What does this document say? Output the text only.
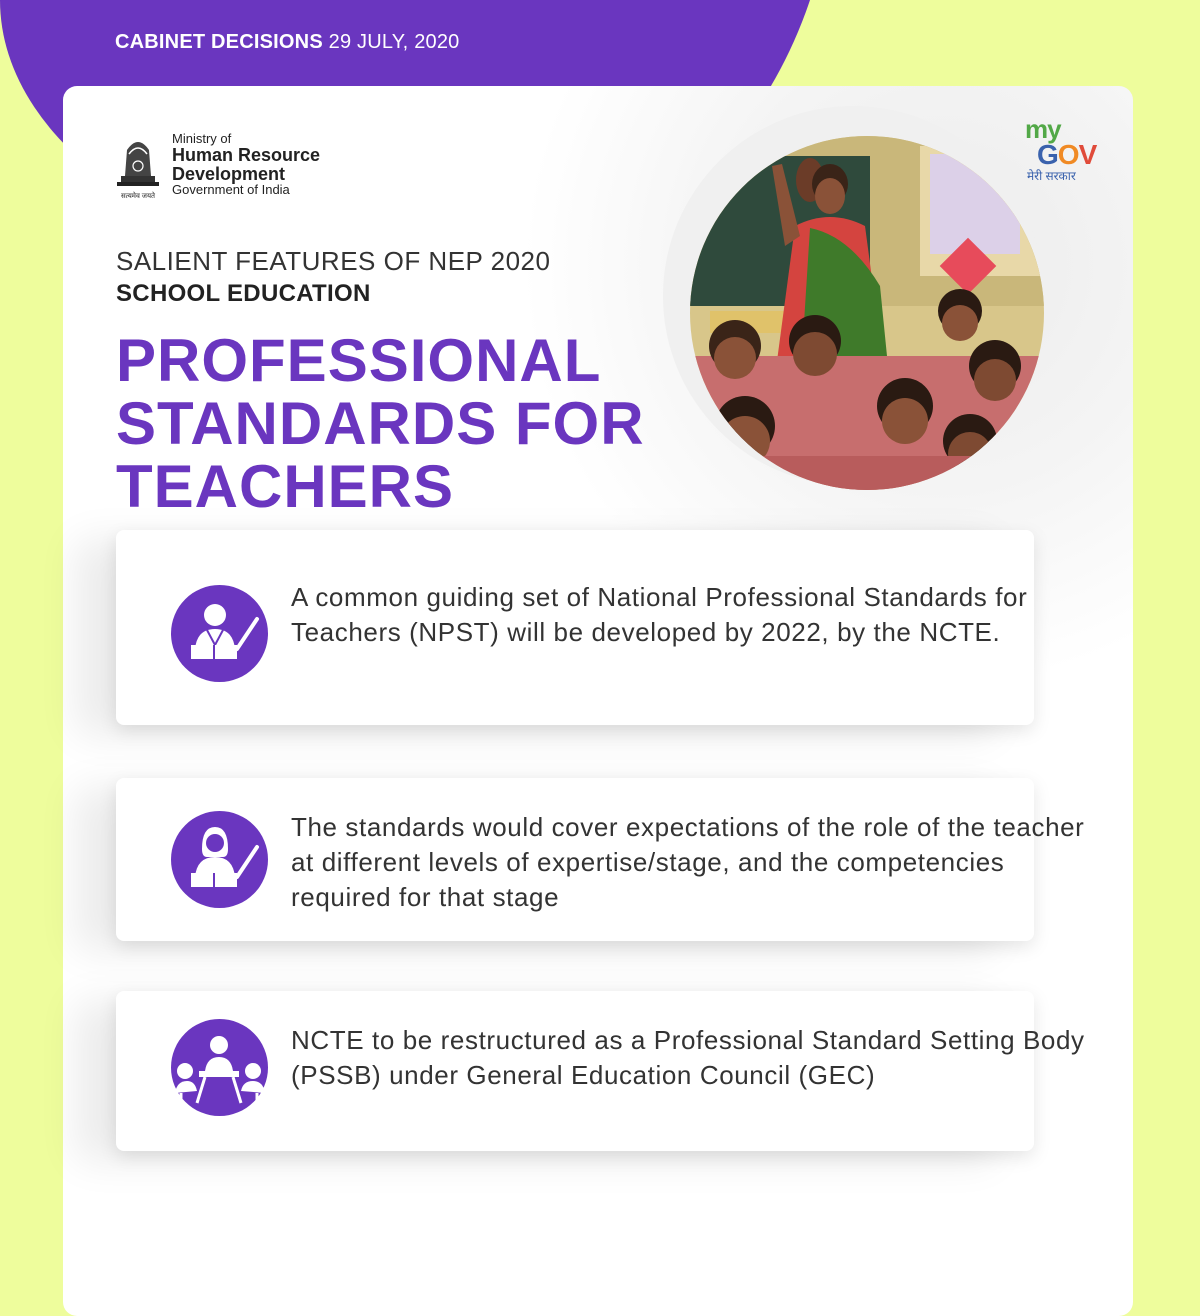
CABINET DECISIONS 29 JULY, 2020
सत्यमेव जयते
Ministry of
Human Resource
Development
Government of India
my
GOV
मेरी सरकार
SALIENT FEATURES OF NEP 2020
SCHOOL EDUCATION
PROFESSIONAL
STANDARDS FOR
TEACHERS
A common guiding set of National Professional Standards for Teachers (NPST) will be developed by 2022, by the NCTE.
The standards would cover expectations of the role of the teacher at different levels of expertise/stage, and the competencies required for that stage
NCTE to be restructured as a Professional Standard Setting Body (PSSB) under General Education Council (GEC)
